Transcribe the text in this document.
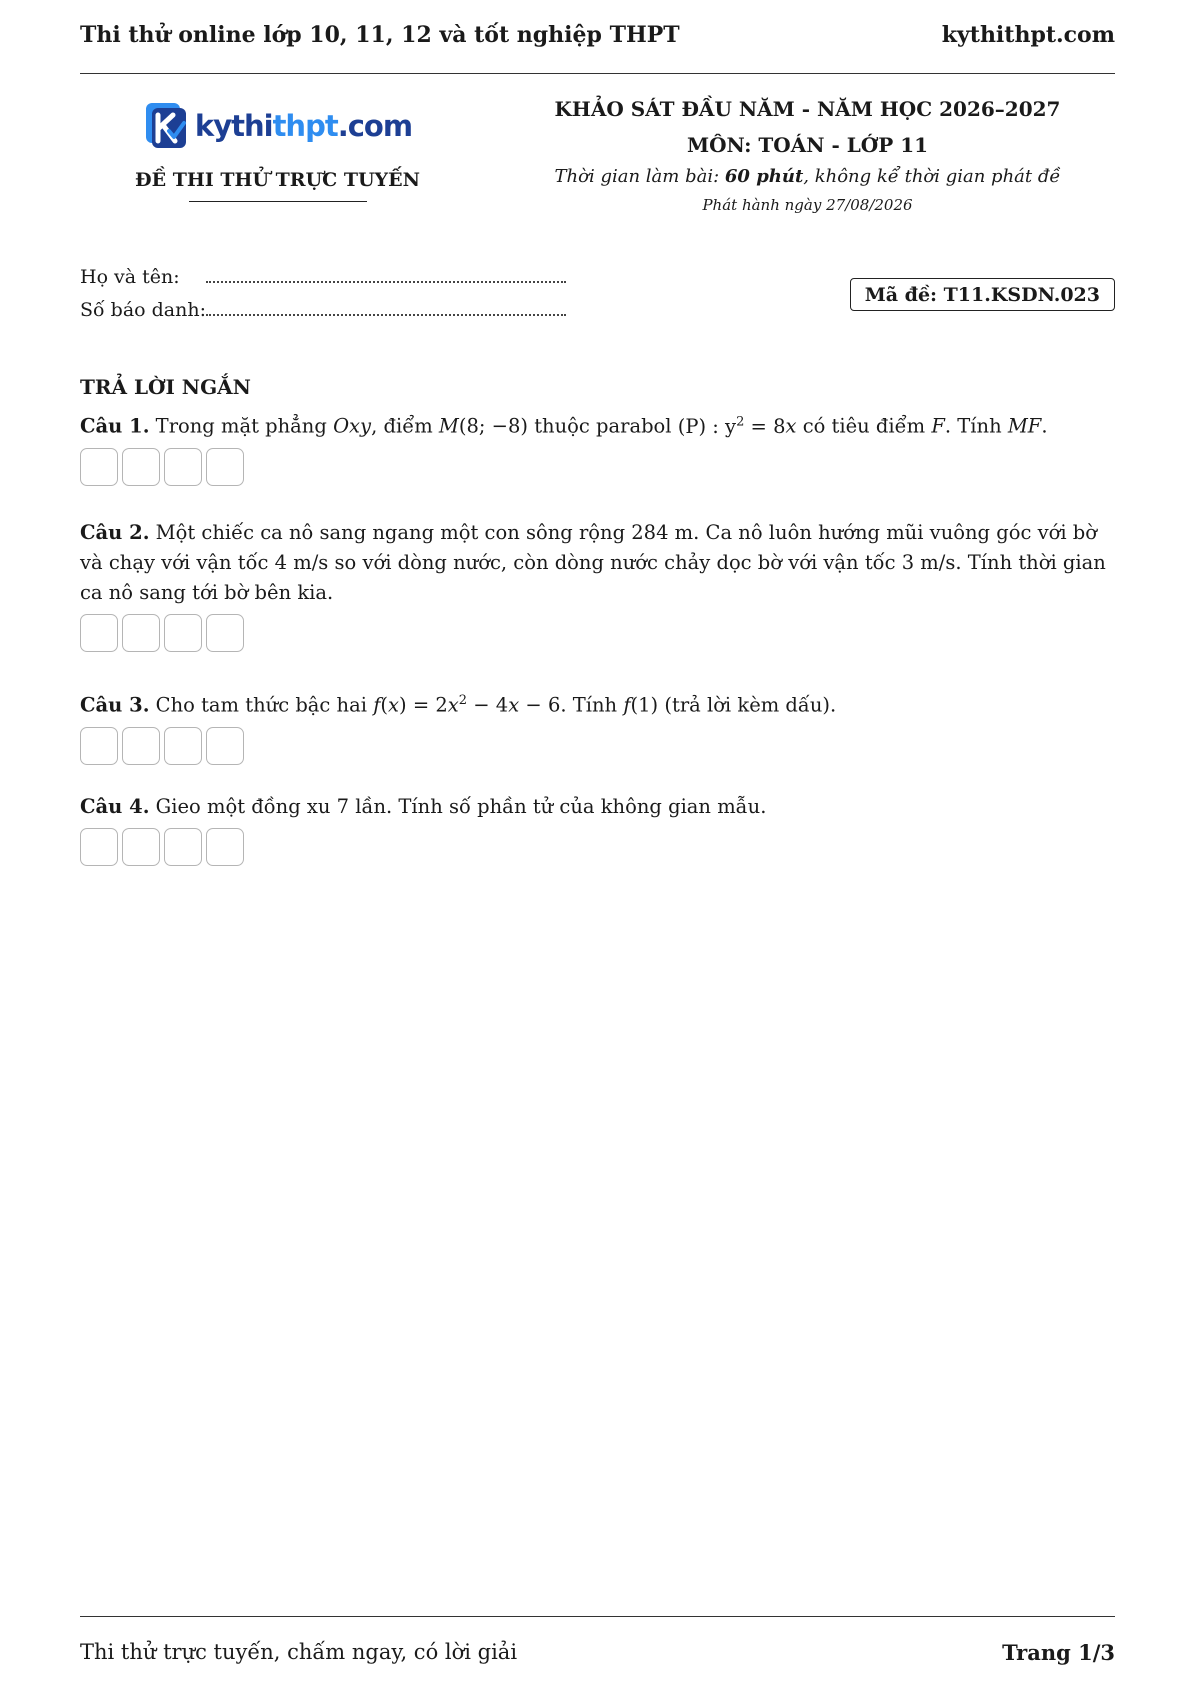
Thi thử online lớp 10, 11, 12 và tốt nghiệp THPT	kythithpt.com
kythithpt.com
ĐỀ THI THỬ TRỰC TUYẾN
KHẢO SÁT ĐẦU NĂM - NĂM HỌC 2026–2027
MÔN: TOÁN - LỚP 11
Thời gian làm bài: 60 phút, không kể thời gian phát đề
Phát hành ngày 27/08/2026
Họ và tên:
Số báo danh:
Mã đề: T11.KSDN.023
TRẢ LỜI NGẮN
Câu 1. Trong mặt phẳng Oxy, điểm M(8; −8) thuộc parabol (P) : $y^2 = 8x$ có tiêu điểm F. Tính MF.
Câu 2. Một chiếc ca nô sang ngang một con sông rộng 284 m. Ca nô luôn hướng mũi vuông góc với bờ và chạy với vận tốc 4 m/s so với dòng nước, còn dòng nước chảy dọc bờ với vận tốc 3 m/s. Tính thời gian ca nô sang tới bờ bên kia.
Câu 3. Cho tam thức bậc hai $f(x) = 2x^2 - 4x - 6$. Tính f(1) (trả lời kèm dấu).
Câu 4. Gieo một đồng xu 7 lần. Tính số phần tử của không gian mẫu.
Thi thử trực tuyến, chấm ngay, có lời giải	Trang 1/3
